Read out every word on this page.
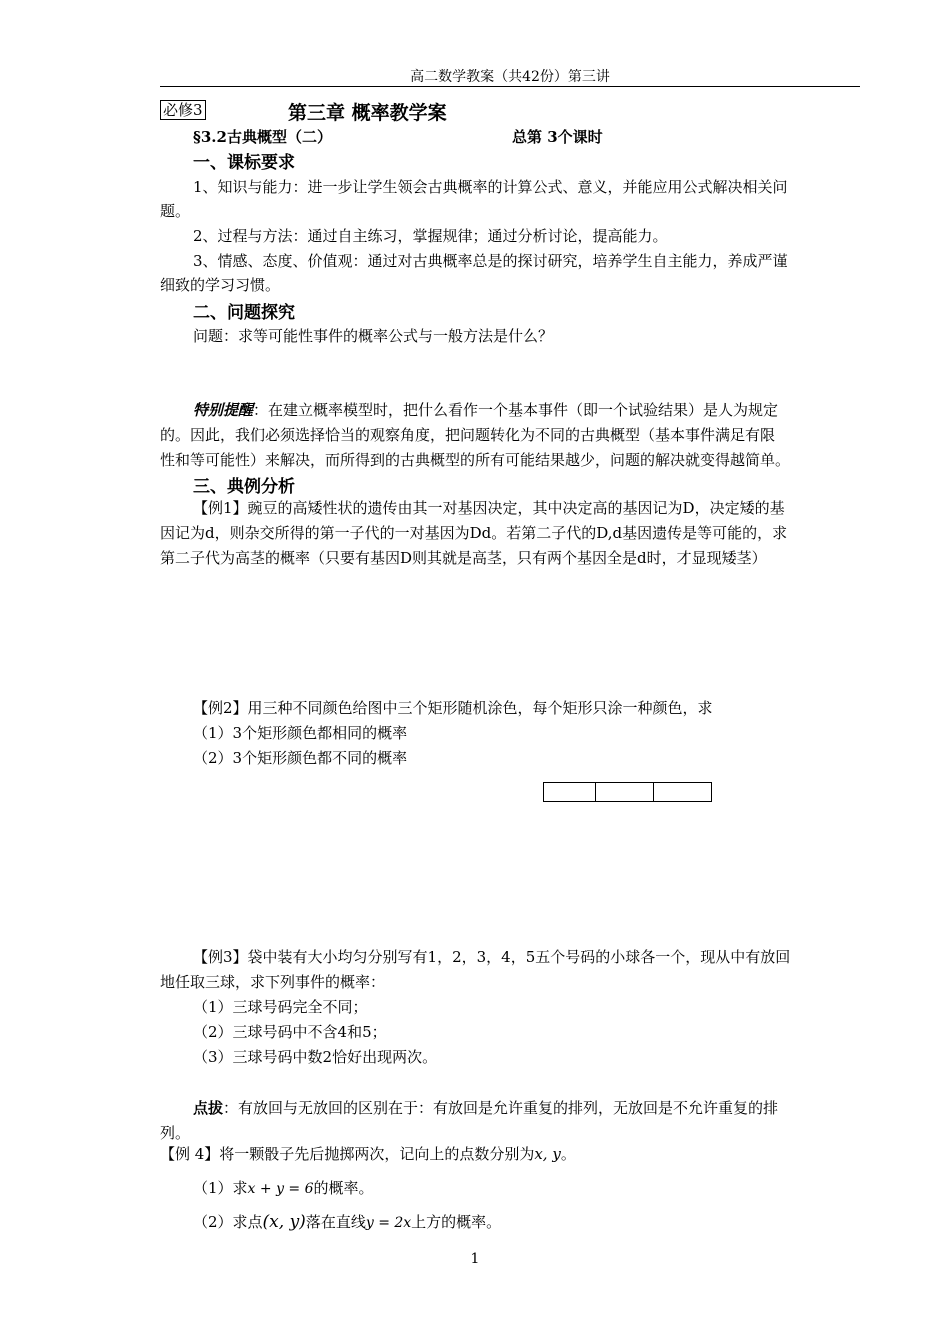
高二数学教案（共42份）第三讲
必修3	第三章 概率教学案
§3.2古典概型（二）	总第 3个课时
一、课标要求
1、知识与能力：进一步让学生领会古典概率的计算公式、意义，并能应用公式解决相关问
题。
2、过程与方法：通过自主练习，掌握规律；通过分析讨论，提高能力。
3、情感、态度、价值观：通过对古典概率总是的探讨研究，培养学生自主能力，养成严谨
细致的学习习惯。
二、问题探究
问题：求等可能性事件的概率公式与一般方法是什么？
特别提醒：在建立概率模型时，把什么看作一个基本事件（即一个试验结果）是人为规定
的。因此，我们必须选择恰当的观察角度，把问题转化为不同的古典概型（基本事件满足有限
性和等可能性）来解决，而所得到的古典概型的所有可能结果越少，问题的解决就变得越简单。
三、典例分析
【例1】豌豆的高矮性状的遗传由其一对基因决定，其中决定高的基因记为D，决定矮的基
因记为d，则杂交所得的第一子代的一对基因为Dd。若第二子代的D,d基因遗传是等可能的，求
第二子代为高茎的概率（只要有基因D则其就是高茎，只有两个基因全是d时，才显现矮茎）
【例2】用三种不同颜色给图中三个矩形随机涂色，每个矩形只涂一种颜色，求
（1）3个矩形颜色都相同的概率
（2）3个矩形颜色都不同的概率
【例3】袋中装有大小均匀分别写有1，2，3，4，5五个号码的小球各一个，现从中有放回
地任取三球，求下列事件的概率：
（1）三球号码完全不同；
（2）三球号码中不含4和5；
（3）三球号码中数2恰好出现两次。
点拔：有放回与无放回的区别在于：有放回是允许重复的排列，无放回是不允许重复的排
列。
【例 4】将一颗骰子先后抛掷两次，记向上的点数分别为x, y。
（1）求x + y = 6的概率。
（2）求点(x, y)落在直线y = 2x上方的概率。
1
